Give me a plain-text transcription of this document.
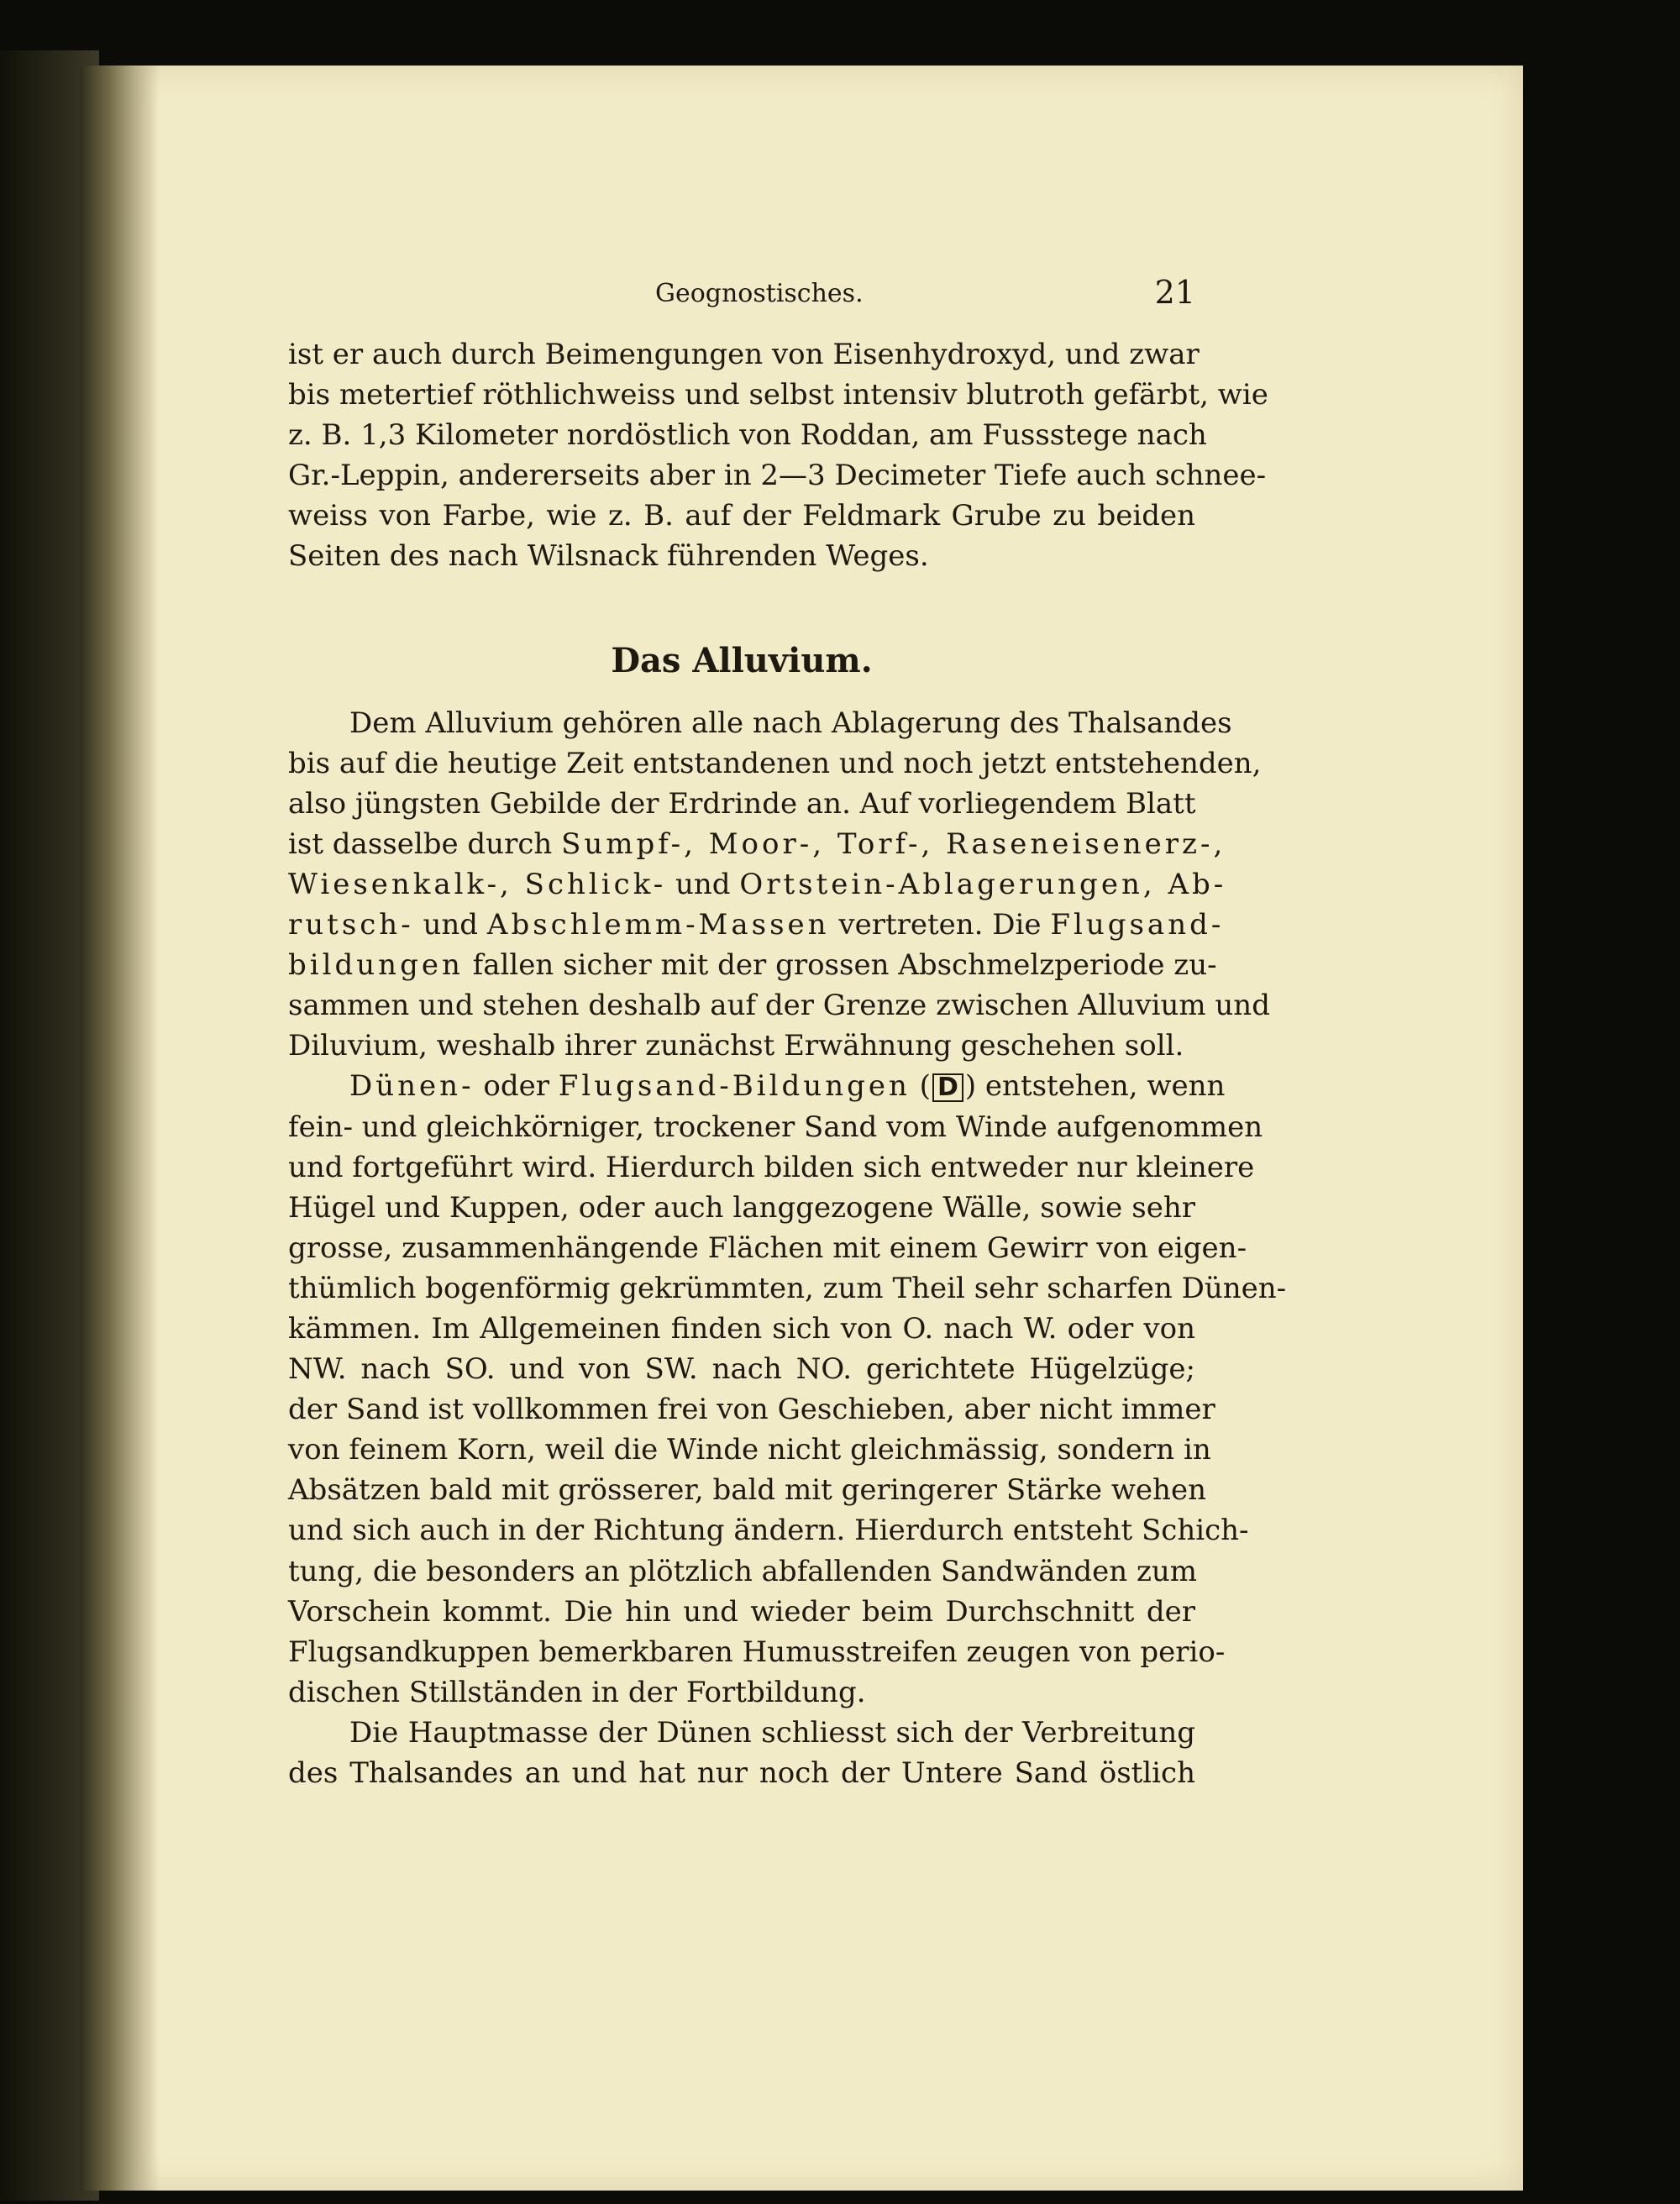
Geognostisches.	21
ist er auch durch Beimengungen von Eisenhydroxyd, und zwar
bis metertief röthlichweiss und selbst intensiv blutroth gefärbt, wie
z. B. 1,3 Kilometer nordöstlich von Roddan, am Fussstege nach
Gr.-Leppin, andererseits aber in 2—3 Decimeter Tiefe auch schnee-
weiss von Farbe, wie z. B. auf der Feldmark Grube zu beiden
Seiten des nach Wilsnack führenden Weges.
Das Alluvium.
Dem Alluvium gehören alle nach Ablagerung des Thalsandes
bis auf die heutige Zeit entstandenen und noch jetzt entstehenden,
also jüngsten Gebilde der Erdrinde an. Auf vorliegendem Blatt
ist dasselbe durch Sumpf-, Moor-, Torf-, Raseneisenerz-,
Wiesenkalk-, Schlick- und Ortstein-Ablagerungen, Ab-
rutsch- und Abschlemm-Massen vertreten. Die Flugsand-
bildungen fallen sicher mit der grossen Abschmelzperiode zu-
sammen und stehen deshalb auf der Grenze zwischen Alluvium und
Diluvium, weshalb ihrer zunächst Erwähnung geschehen soll.
Dünen- oder Flugsand-Bildungen ( D ) entstehen, wenn
fein- und gleichkörniger, trockener Sand vom Winde aufgenommen
und fortgeführt wird. Hierdurch bilden sich entweder nur kleinere
Hügel und Kuppen, oder auch langgezogene Wälle, sowie sehr
grosse, zusammenhängende Flächen mit einem Gewirr von eigen-
thümlich bogenförmig gekrümmten, zum Theil sehr scharfen Dünen-
kämmen. Im Allgemeinen finden sich von O. nach W. oder von
NW. nach SO. und von SW. nach NO. gerichtete Hügelzüge;
der Sand ist vollkommen frei von Geschieben, aber nicht immer
von feinem Korn, weil die Winde nicht gleichmässig, sondern in
Absätzen bald mit grösserer, bald mit geringerer Stärke wehen
und sich auch in der Richtung ändern. Hierdurch entsteht Schich-
tung, die besonders an plötzlich abfallenden Sandwänden zum
Vorschein kommt. Die hin und wieder beim Durchschnitt der
Flugsandkuppen bemerkbaren Humusstreifen zeugen von perio-
dischen Stillständen in der Fortbildung.
Die Hauptmasse der Dünen schliesst sich der Verbreitung
des Thalsandes an und hat nur noch der Untere Sand östlich
